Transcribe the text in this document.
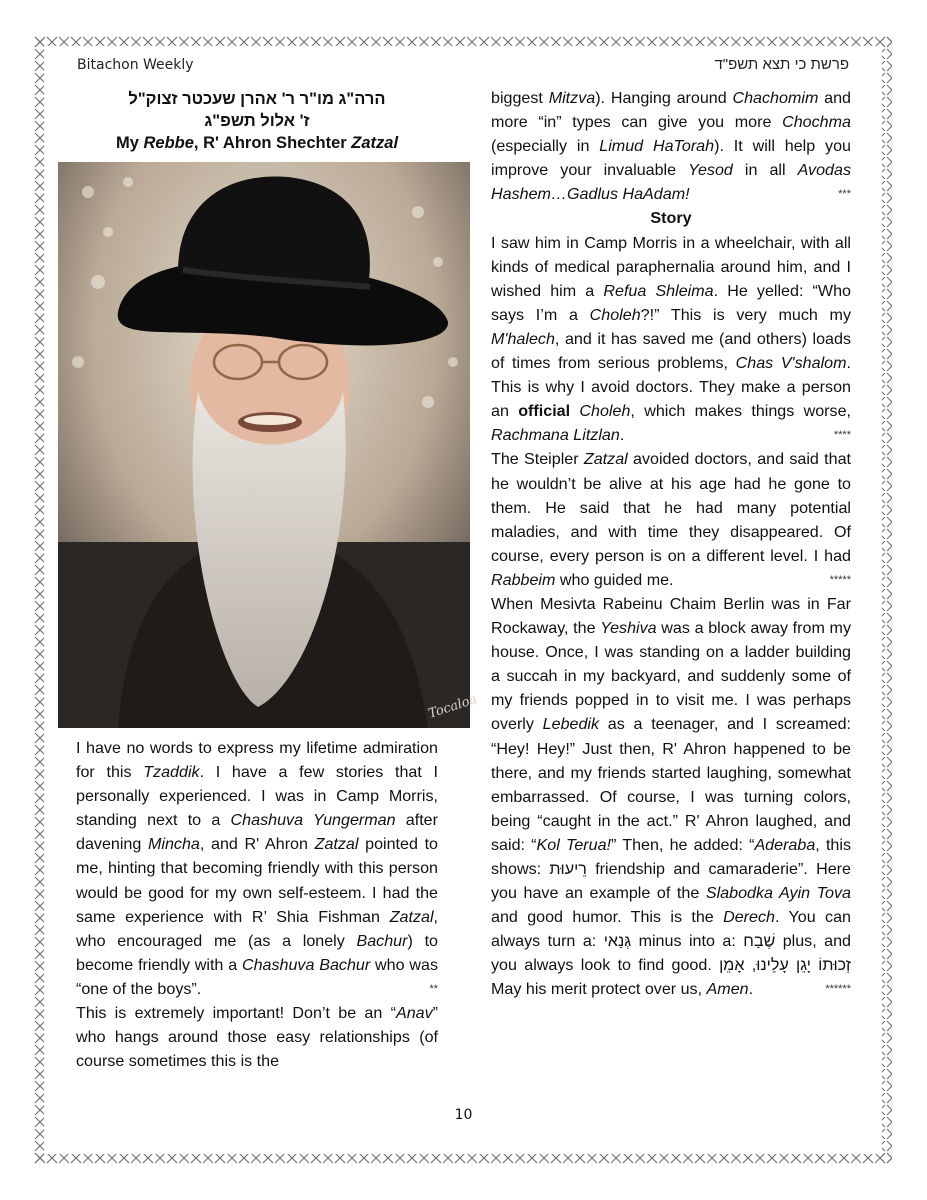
Bitachon Weekly	פרשת כי תצא תשפ"ד
הרה"ג מו"ר ר' אהרן שעכטר זצוק"ל
ז' אלול תשפ"ג
My Rebbe, R' Ahron Shechter Zatzal
Tocaloa

I have no words to express my lifetime admiration for this Tzaddik. I have a few stories that I personally experienced. I was in Camp Morris, standing next to a Chashuva Yungerman after davening Mincha, and R' Ahron Zatzal pointed to me, hinting that becoming friendly with this person would be good for my own self-esteem. I had the same experience with R’ Shia Fishman Zatzal, who encouraged me (as a lonely Bachur) to become friendly with a Chashuva Bachur who was “one of the boys”.	**

This is extremely important! Don’t be an “Anav” who hangs around those easy relationships (of course sometimes this is the

biggest Mitzva). Hanging around Chachomim and more “in” types can give you more Chochma (especially in Limud HaTorah). It will help you improve your invaluable Yesod in all Avodas Hashem…Gadlus HaAdam!	***

Story

I saw him in Camp Morris in a wheelchair, with all kinds of medical paraphernalia around him, and I wished him a Refua Shleima. He yelled: “Who says I’m a Choleh?!” This is very much my M'halech, and it has saved me (and others) loads of times from serious problems, Chas V'shalom. This is why I avoid doctors. They make a person an official Choleh, which makes things worse, Rachmana Litzlan.	****

The Steipler Zatzal avoided doctors, and said that he wouldn’t be alive at his age had he gone to them. He said that he had many potential maladies, and with time they disappeared. Of course, every person is on a different level. I had Rabbeim who guided me.	*****

When Mesivta Rabeinu Chaim Berlin was in Far Rockaway, the Yeshiva was a block away from my house. Once, I was standing on a ladder building a succah in my backyard, and suddenly some of my friends popped in to visit me. I was perhaps overly Lebedik as a teenager, and I screamed: “Hey! Hey!” Just then, R' Ahron happened to be there, and my friends started laughing, somewhat embarrassed. Of course, I was turning colors, being “caught in the act.” R' Ahron laughed, and said: “Kol Terua!” Then, he added: “Aderaba, this shows: רֵיעוּת friendship and camaraderie”. Here you have an example of the Slabodka Ayin Tova and good humor. This is the Derech. You can always turn a: גְּנַאי minus into a: שֶׁבַח plus, and you always look to find good. זְכוּתוֹ יָגֵן עָלֵינוּ, אָמֵן May his merit protect over us, Amen.	******

10
